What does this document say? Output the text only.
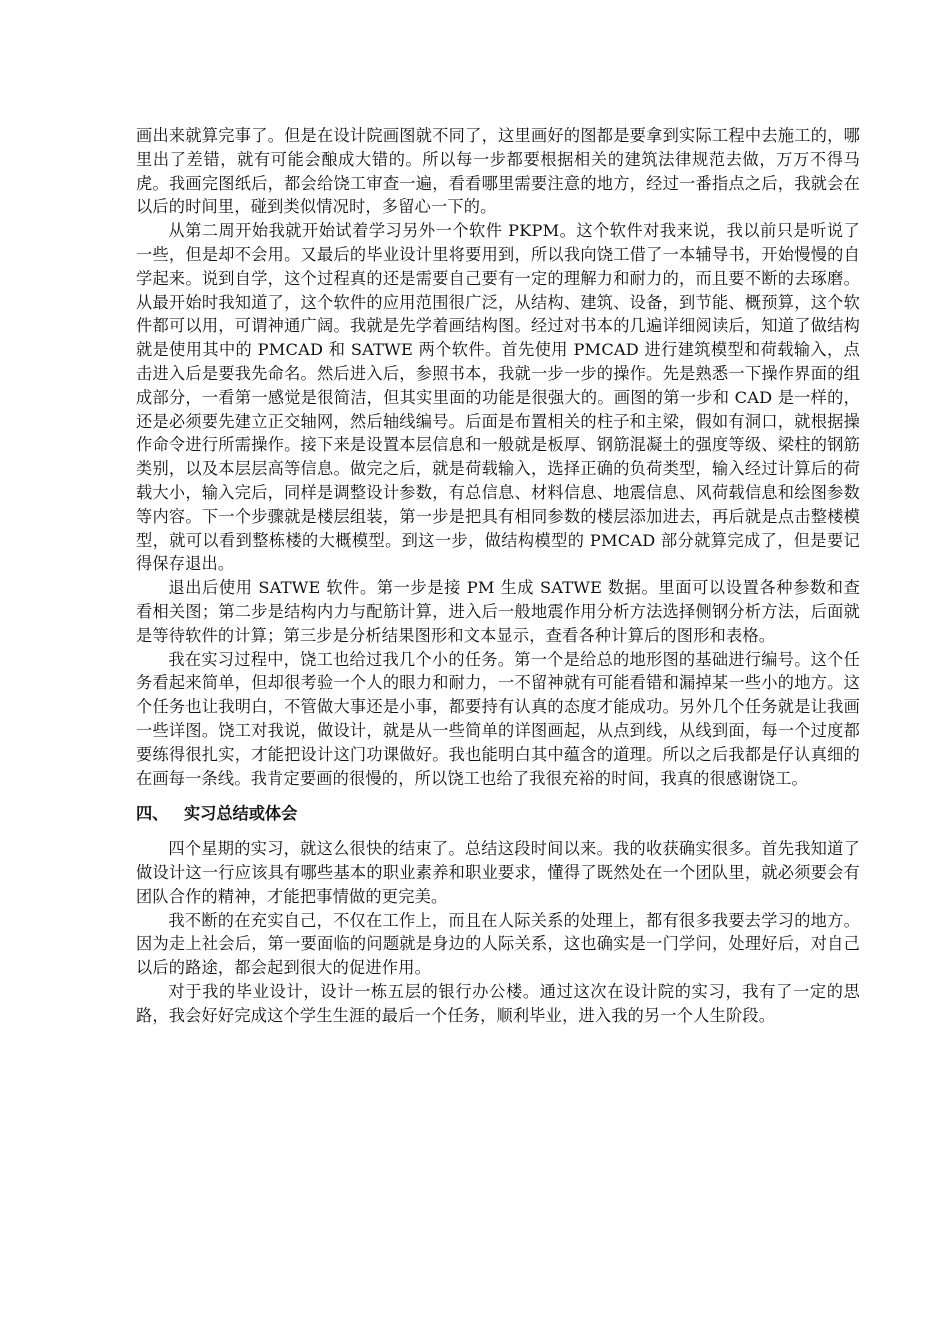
画出来就算完事了。但是在设计院画图就不同了，这里画好的图都是要拿到实际工程中去施工的，哪里出了差错，就有可能会酿成大错的。所以每一步都要根据相关的建筑法律规范去做，万万不得马虎。我画完图纸后，都会给饶工审查一遍，看看哪里需要注意的地方，经过一番指点之后，我就会在以后的时间里，碰到类似情况时，多留心一下的。

从第二周开始我就开始试着学习另外一个软件 PKPM。这个软件对我来说，我以前只是听说了一些，但是却不会用。又最后的毕业设计里将要用到，所以我向饶工借了一本辅导书，开始慢慢的自学起来。说到自学，这个过程真的还是需要自己要有一定的理解力和耐力的，而且要不断的去琢磨。从最开始时我知道了，这个软件的应用范围很广泛，从结构、建筑、设备，到节能、概预算，这个软件都可以用，可谓神通广阔。我就是先学着画结构图。经过对书本的几遍详细阅读后，知道了做结构就是使用其中的 PMCAD 和 SATWE 两个软件。首先使用 PMCAD 进行建筑模型和荷载输入，点击进入后是要我先命名。然后进入后，参照书本，我就一步一步的操作。先是熟悉一下操作界面的组成部分，一看第一感觉是很简洁，但其实里面的功能是很强大的。画图的第一步和 CAD 是一样的，还是必须要先建立正交轴网，然后轴线编号。后面是布置相关的柱子和主梁，假如有洞口，就根据操作命令进行所需操作。接下来是设置本层信息和一般就是板厚、钢筋混凝土的强度等级、梁柱的钢筋类别，以及本层层高等信息。做完之后，就是荷载输入，选择正确的负荷类型，输入经过计算后的荷载大小，输入完后，同样是调整设计参数，有总信息、材料信息、地震信息、风荷载信息和绘图参数等内容。下一个步骤就是楼层组装，第一步是把具有相同参数的楼层添加进去，再后就是点击整楼模型，就可以看到整栋楼的大概模型。到这一步，做结构模型的 PMCAD 部分就算完成了，但是要记得保存退出。

退出后使用 SATWE 软件。第一步是接 PM 生成 SATWE 数据。里面可以设置各种参数和查看相关图；第二步是结构内力与配筋计算，进入后一般地震作用分析方法选择侧钢分析方法，后面就是等待软件的计算；第三步是分析结果图形和文本显示，查看各种计算后的图形和表格。

我在实习过程中，饶工也给过我几个小的任务。第一个是给总的地形图的基础进行编号。这个任务看起来简单，但却很考验一个人的眼力和耐力，一不留神就有可能看错和漏掉某一些小的地方。这个任务也让我明白，不管做大事还是小事，都要持有认真的态度才能成功。另外几个任务就是让我画一些详图。饶工对我说，做设计，就是从一些简单的详图画起，从点到线，从线到面，每一个过度都要练得很扎实，才能把设计这门功课做好。我也能明白其中蕴含的道理。所以之后我都是仔认真细的在画每一条线。我肯定要画的很慢的，所以饶工也给了我很充裕的时间，我真的很感谢饶工。

四、 实习总结或体会

四个星期的实习，就这么很快的结束了。总结这段时间以来。我的收获确实很多。首先我知道了做设计这一行应该具有哪些基本的职业素养和职业要求，懂得了既然处在一个团队里，就必须要会有团队合作的精神，才能把事情做的更完美。

我不断的在充实自己，不仅在工作上，而且在人际关系的处理上，都有很多我要去学习的地方。因为走上社会后，第一要面临的问题就是身边的人际关系，这也确实是一门学问，处理好后，对自己以后的路途，都会起到很大的促进作用。

对于我的毕业设计，设计一栋五层的银行办公楼。通过这次在设计院的实习，我有了一定的思路，我会好好完成这个学生生涯的最后一个任务，顺利毕业，进入我的另一个人生阶段。
